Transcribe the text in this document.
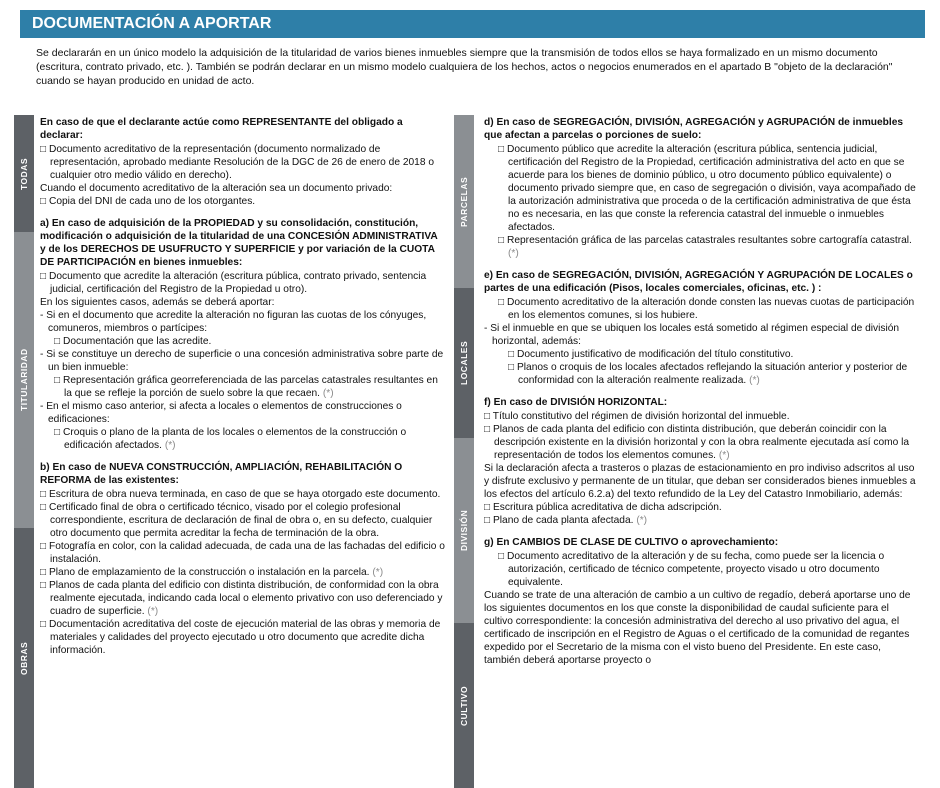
DOCUMENTACIÓN A APORTAR
Se declararán en un único modelo la adquisición de la titularidad de varios bienes inmuebles siempre que la transmisión de todos ellos se haya formalizado en un mismo documento (escritura, contrato privado, etc. ). También se podrán declarar en un mismo modelo cualquiera de los hechos, actos o negocios enumerados en el apartado B "objeto de la declaración" cuando se hayan producido en unidad de acto.
TODAS
TITULARIDAD
OBRAS
PARCELAS
LOCALES
DIVISIÓN
CULTIVO
En caso de que el declarante actúe como REPRESENTANTE del obligado a declarar:

□ Documento acreditativo de la representación (documento normalizado de representación, aprobado mediante Resolución de la DGC de 26 de enero de 2018 o cualquier otro medio válido en derecho).

Cuando el documento acreditativo de la alteración sea un documento privado:

□ Copia del DNI de cada uno de los otorgantes.

a) En caso de adquisición de la PROPIEDAD y su consolidación, constitución, modificación o adquisición de la titularidad de una CONCESIÓN ADMINISTRATIVA y de los DERECHOS DE USUFRUCTO Y SUPERFICIE y por variación de la CUOTA DE PARTICIPACIÓN en bienes inmuebles:

□ Documento que acredite la alteración (escritura pública, contrato privado, sentencia judicial, certificación del Registro de la Propiedad u otro).

En los siguientes casos, además se deberá aportar:

- Si en el documento que acredite la alteración no figuran las cuotas de los cónyuges, comuneros, miembros o partícipes:

□ Documentación que las acredite.

- Si se constituye un derecho de superficie o una concesión administrativa sobre parte de un bien inmueble:

□ Representación gráfica georreferenciada de las parcelas catastrales resultantes en la que se refleje la porción de suelo sobre la que recaen. (*)

- En el mismo caso anterior, si afecta a locales o elementos de construcciones o edificaciones:

□ Croquis o plano de la planta de los locales o elementos de la construcción o edificación afectados. (*)

b) En caso de NUEVA CONSTRUCCIÓN, AMPLIACIÓN, REHABILITACIÓN O REFORMA de las existentes:

□ Escritura de obra nueva terminada, en caso de que se haya otorgado este documento.

□ Certificado final de obra o certificado técnico, visado por el colegio profesional correspondiente, escritura de declaración de final de obra o, en su defecto, cualquier otro documento que permita acreditar la fecha de terminación de la obra.

□ Fotografía en color, con la calidad adecuada, de cada una de las fachadas del edificio o instalación.

□ Plano de emplazamiento de la construcción o instalación en la parcela. (*)

□ Planos de cada planta del edificio con distinta distribución, de conformidad con la obra realmente ejecutada, indicando cada local o elemento privativo con uso deferenciado y cuadro de superficie. (*)

□ Documentación acreditativa del coste de ejecución material de las obras y memoria de materiales y calidades del proyecto ejecutado u otro documento que acredite dicha información.

d) En caso de SEGREGACIÓN, DIVISIÓN, AGREGACIÓN y AGRUPACIÓN de inmuebles que afectan a parcelas o porciones de suelo:

□ Documento público que acredite la alteración (escritura pública, sentencia judicial, certificación del Registro de la Propiedad, certificación administrativa del acto en que se acuerde para los bienes de dominio público, u otro documento público equivalente) o documento privado siempre que, en caso de segregación o división, vaya acompañado de la autorización administrativa que proceda o de la certificación administrativa de que ésta no es necesaria, en las que conste la referencia catastral del inmueble o inmuebles afectados.

□ Representación gráfica de las parcelas catastrales resultantes sobre cartografía catastral. (*)

e) En caso de SEGREGACIÓN, DIVISIÓN, AGREGACIÓN Y AGRUPACIÓN DE LOCALES o partes de una edificación (Pisos, locales comerciales, oficinas, etc. ) :

□ Documento acreditativo de la alteración donde consten las nuevas cuotas de participación en los elementos comunes, si los hubiere.

- Si el inmueble en que se ubiquen los locales está sometido al régimen especial de división horizontal, además:

□ Documento justificativo de modificación del título constitutivo.

□ Planos o croquis de los locales afectados reflejando la situación anterior y posterior de conformidad con la alteración realmente realizada. (*)

f) En caso de DIVISIÓN HORIZONTAL:

□ Título constitutivo del régimen de división horizontal del inmueble.

□ Planos de cada planta del edificio con distinta distribución, que deberán coincidir con la descripción existente en la división horizontal y con la obra realmente ejecutada así como la representación de todos los elementos comunes. (*)

Si la declaración afecta a trasteros o plazas de estacionamiento en pro indiviso adscritos al uso y disfrute exclusivo y permanente de un titular, que deban ser considerados bienes inmuebles a los efectos del artículo 6.2.a) del texto refundido de la Ley del Catastro Inmobiliario, además:

□ Escritura pública acreditativa de dicha adscripción.

□ Plano de cada planta afectada. (*)

g) En CAMBIOS DE CLASE DE CULTIVO o aprovechamiento:

□ Documento acreditativo de la alteración y de su fecha, como puede ser la licencia o autorización, certificado de técnico competente, proyecto visado u otro documento equivalente.

Cuando se trate de una alteración de cambio a un cultivo de regadío, deberá aportarse uno de los siguientes documentos en los que conste la disponibilidad de caudal suficiente para el cultivo correspondiente: la concesión administrativa del derecho al uso privativo del agua, el certificado de inscripción en el Registro de Aguas o el certificado de la comunidad de regantes expedido por el Secretario de la misma con el visto bueno del Presidente. En este caso, también deberá aportarse proyecto o
